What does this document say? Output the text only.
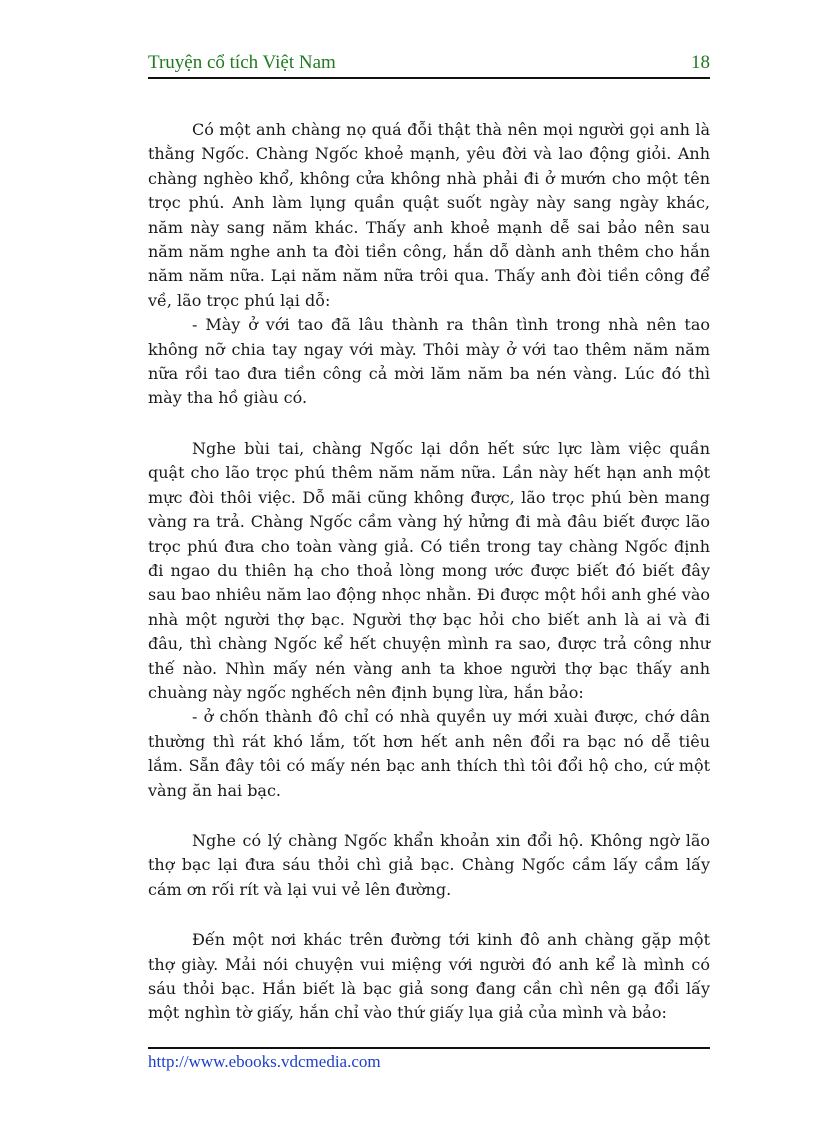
Truyện cổ tích Việt Nam	18

Có một anh chàng nọ quá đỗi thật thà nên mọi người gọi anh là thằng Ngốc. Chàng Ngốc khoẻ mạnh, yêu đời và lao động giỏi. Anh chàng nghèo khổ, không cửa không nhà phải đi ở mướn cho một tên trọc phú. Anh làm lụng quần quật suốt ngày này sang ngày khác, năm này sang năm khác. Thấy anh khoẻ mạnh dễ sai bảo nên sau năm năm nghe anh ta đòi tiền công, hắn dỗ dành anh thêm cho hắn năm năm nữa. Lại năm năm nữa trôi qua. Thấy anh đòi tiền công để về, lão trọc phú lại dỗ:

- Mày ở với tao đã lâu thành ra thân tình trong nhà nên tao không nỡ chia tay ngay với mày. Thôi mày ở với tao thêm năm năm nữa rồi tao đưa tiền công cả mời lăm năm ba nén vàng. Lúc đó thì mày tha hồ giàu có.

Nghe bùi tai, chàng Ngốc lại dồn hết sức lực làm việc quần quật cho lão trọc phú thêm năm năm nữa. Lần này hết hạn anh một mực đòi thôi việc. Dỗ mãi cũng không được, lão trọc phú bèn mang vàng ra trả. Chàng Ngốc cầm vàng hý hửng đi mà đâu biết được lão trọc phú đưa cho toàn vàng giả. Có tiền trong tay chàng Ngốc định đi ngao du thiên hạ cho thoả lòng mong ước được biết đó biết đây sau bao nhiêu năm lao động nhọc nhằn. Đi được một hồi anh ghé vào nhà một người thợ bạc. Người thợ bạc hỏi cho biết anh là ai và đi đâu, thì chàng Ngốc kể hết chuyện mình ra sao, được trả công như thế nào. Nhìn mấy nén vàng anh ta khoe người thợ bạc thấy anh chuàng này ngốc nghếch nên định bụng lừa, hắn bảo:

- ở chốn thành đô chỉ có nhà quyền uy mới xuài được, chớ dân thường thì rát khó lắm, tốt hơn hết anh nên đổi ra bạc nó dễ tiêu lắm. Sẵn đây tôi có mấy nén bạc anh thích thì tôi đổi hộ cho, cứ một vàng ăn hai bạc.

Nghe có lý chàng Ngốc khẩn khoản xin đổi hộ. Không ngờ lão thợ bạc lại đưa sáu thỏi chì giả bạc. Chàng Ngốc cầm lấy cầm lấy cám ơn rối rít và lại vui vẻ lên đường.

Đến một nơi khác trên đường tới kinh đô anh chàng gặp một thợ giày. Mải nói chuyện vui miệng với người đó anh kể là mình có sáu thỏi bạc. Hắn biết là bạc giả song đang cần chì nên gạ đổi lấy một nghìn tờ giấy, hắn chỉ vào thứ giấy lụa giả của mình và bảo:

http://www.ebooks.vdcmedia.com
